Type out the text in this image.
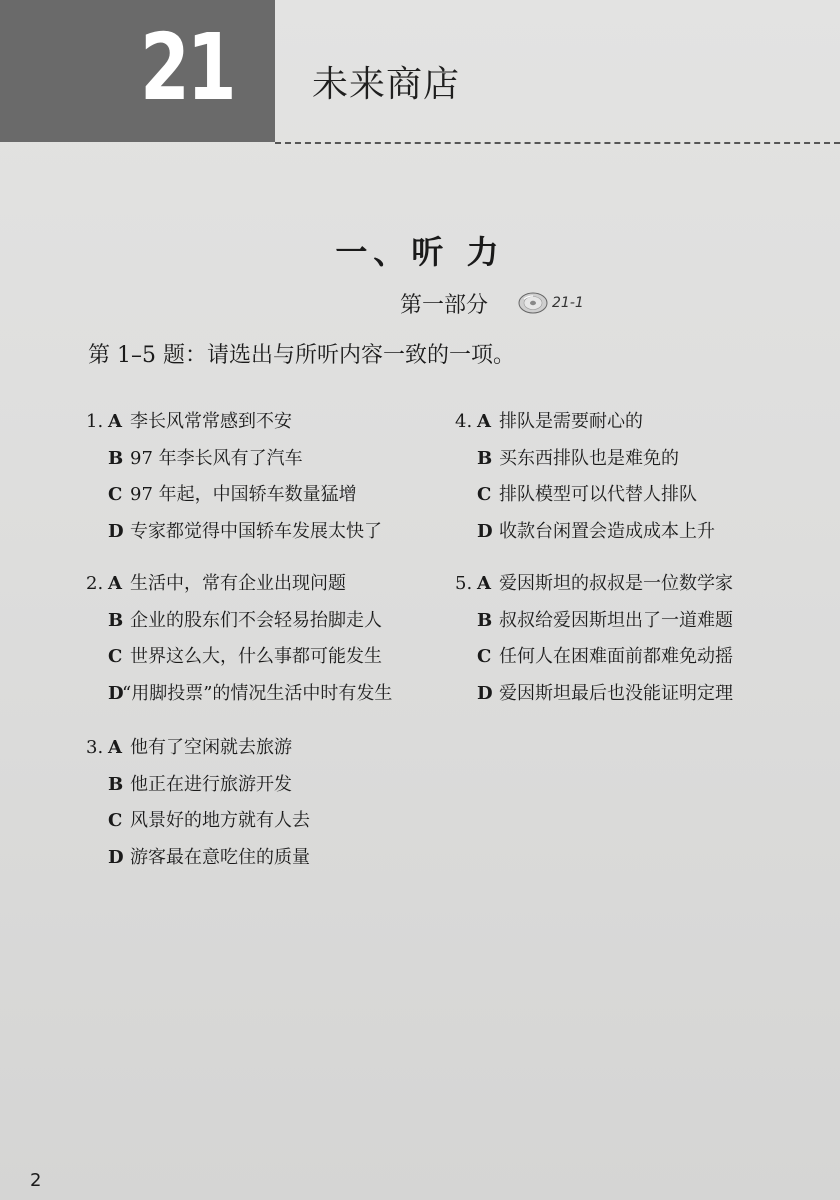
21 未来商店
一、听 力
第一部分	21-1
第 1–5 题：请选出与所听内容一致的一项。
1. A 李长风常常感到不安
B 97 年李长风有了汽车
C 97 年起，中国轿车数量猛增
D 专家都觉得中国轿车发展太快了
2. A 生活中，常有企业出现问题
B 企业的股东们不会轻易抬脚走人
C 世界这么大，什么事都可能发生
D
“用脚投票”的情况生活中时有发生
3. A 他有了空闲就去旅游
B 他正在进行旅游开发
C 风景好的地方就有人去
D 游客最在意吃住的质量
4. A 排队是需要耐心的
B 买东西排队也是难免的
C 排队模型可以代替人排队
D 收款台闲置会造成成本上升
5. A 爱因斯坦的叔叔是一位数学家
B 叔叔给爱因斯坦出了一道难题
C 任何人在困难面前都难免动摇
D 爱因斯坦最后也没能证明定理
2
